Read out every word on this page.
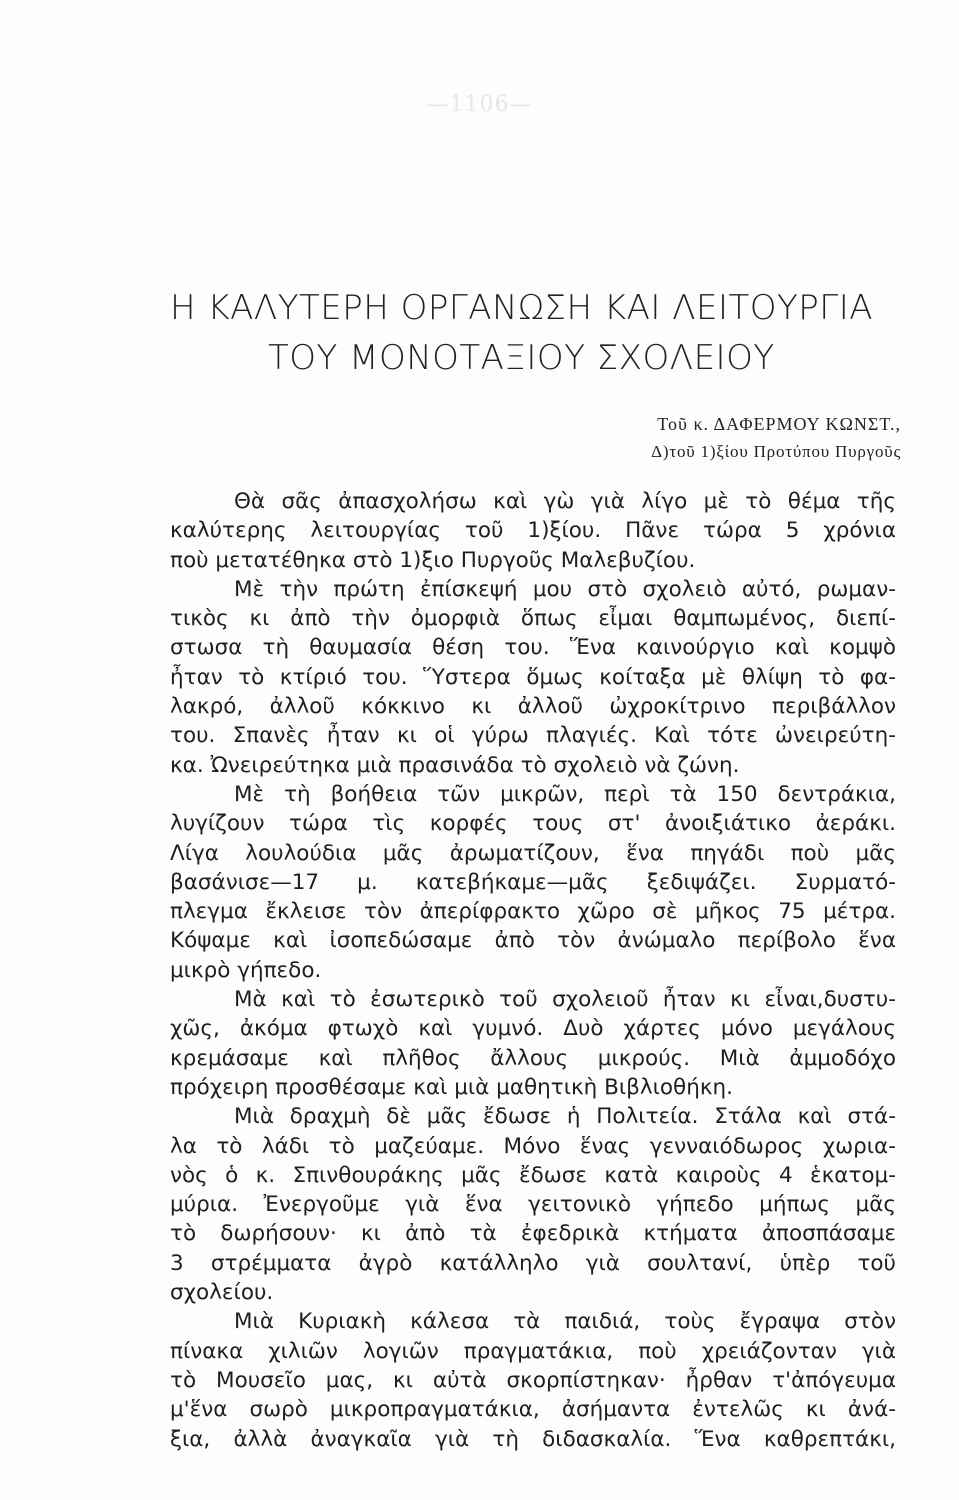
—1106—
Η ΚΑΛΥΤΕΡΗ ΟΡΓΑΝΩΣΗ ΚΑΙ ΛΕΙΤΟΥΡΓΙΑ
ΤΟΥ ΜΟΝΟΤΑΞΙΟΥ ΣΧΟΛΕΙΟΥ
Τοῦ κ. ΔΑΦΕΡΜΟΥ ΚΩΝΣΤ.,
Δ)τοῦ 1)ξίου Προτύπου Πυργοῦς
Θὰ σᾶς ἀπασχολήσω καὶ γὼ γιὰ λίγο μὲ τὸ θέμα τῆς
καλύτερης λειτουργίας τοῦ 1)ξίου. Πᾶνε τώρα 5 χρόνια
ποὺ μετατέθηκα στὸ 1)ξιο Πυργοῦς Μαλεβυζίου.
Μὲ τὴν πρώτη ἐπίσκεψή μου στὸ σχολειὸ αὐτό, ρωμαν-
τικὸς κι ἀπὸ τὴν ὀμορφιὰ ὅπως εἶμαι θαμπωμένος, διεπί-
στωσα τὴ θαυμασία θέση του. Ἕνα καινούργιο καὶ κομψὸ
ἦταν τὸ κτίριό του. Ὕστερα ὅμως κοίταξα μὲ θλίψη τὸ φα-
λακρό, ἀλλοῦ κόκκινο κι ἀλλοῦ ὠχροκίτρινο περιβάλλον
του. Σπανὲς ἦταν κι οἱ γύρω πλαγιές. Καὶ τότε ὠνειρεύτη-
κα. Ὠνειρεύτηκα μιὰ πρασινάδα τὸ σχολειὸ νὰ ζώνη.
Μὲ τὴ βοήθεια τῶν μικρῶν, περὶ τὰ 150 δεντράκια,
λυγίζουν τώρα τὶς κορφές τους στ' ἀνοιξιάτικο ἀεράκι.
Λίγα λουλούδια μᾶς ἀρωματίζουν, ἕνα πηγάδι ποὺ μᾶς
βασάνισε—17 μ. κατεβήκαμε—μᾶς ξεδιψάζει. Συρματό-
πλεγμα ἔκλεισε τὸν ἀπερίφρακτο χῶρο σὲ μῆκος 75 μέτρα.
Κόψαμε καὶ ἰσοπεδώσαμε ἀπὸ τὸν ἀνώμαλο περίβολο ἕνα
μικρὸ γήπεδο.
Μὰ καὶ τὸ ἐσωτερικὸ τοῦ σχολειοῦ ἦταν κι εἶναι,δυστυ-
χῶς, ἀκόμα φτωχὸ καὶ γυμνό. Δυὸ χάρτες μόνο μεγάλους
κρεμάσαμε καὶ πλῆθος ἄλλους μικρούς. Μιὰ ἀμμοδόχο
πρόχειρη προσθέσαμε καὶ μιὰ μαθητικὴ Βιβλιοθήκη.
Μιὰ δραχμὴ δὲ μᾶς ἔδωσε ἡ Πολιτεία. Στάλα καὶ στά-
λα τὸ λάδι τὸ μαζεύαμε. Μόνο ἕνας γενναιόδωρος χωρια-
νὸς ὁ κ. Σπινθουράκης μᾶς ἔδωσε κατὰ καιροὺς 4 ἑκατομ-
μύρια. Ἐνεργοῦμε γιὰ ἕνα γειτονικὸ γήπεδο μήπως μᾶς
τὸ δωρήσουν· κι ἀπὸ τὰ ἐφεδρικὰ κτήματα ἀποσπάσαμε
3 στρέμματα ἀγρὸ κατάλληλο γιὰ σουλτανί, ὑπὲρ τοῦ
σχολείου.
Μιὰ Κυριακὴ κάλεσα τὰ παιδιά, τοὺς ἔγραψα στὸν
πίνακα χιλιῶν λογιῶν πραγματάκια, ποὺ χρειάζονταν γιὰ
τὸ Μουσεῖο μας, κι αὐτὰ σκορπίστηκαν· ἦρθαν τ'ἀπόγευμα
μ'ἕνα σωρὸ μικροπραγματάκια, ἀσήμαντα ἐντελῶς κι ἀνά-
ξια, ἀλλὰ ἀναγκαῖα γιὰ τὴ διδασκαλία. Ἕνα καθρεπτάκι,
